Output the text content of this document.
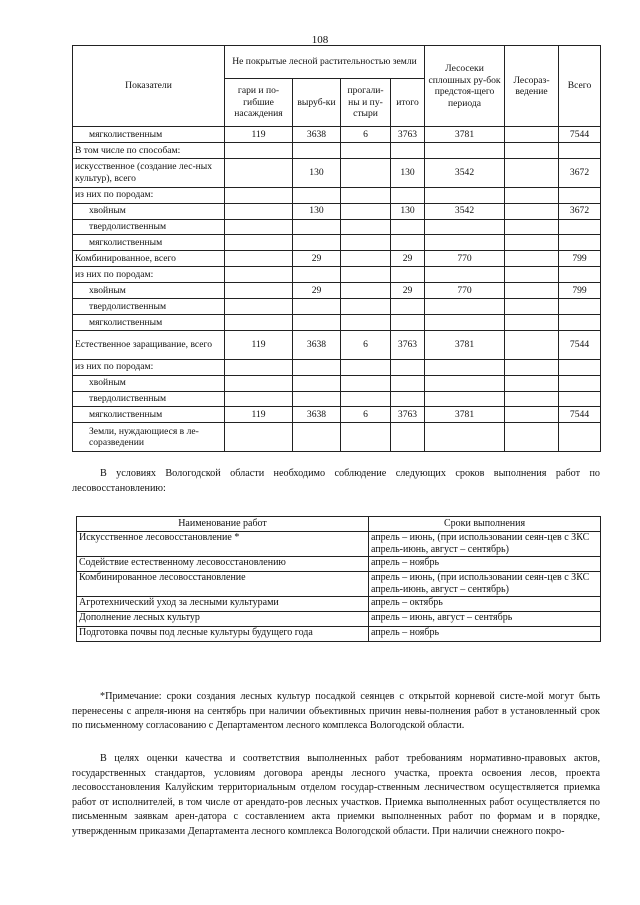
108
Показатели	Не покрытые лесной растительностью земли				Лесосеки сплошных ру-бок предстоя-щего периода	Лесораз-ведение	Всего
	гари и по-гибшие насаждения	выруб-ки	прогали-ны и пу-стыри	итого			
мягколиственным	119	3638	6	3763	3781		7544
В том числе по способам:							
искусственное (создание лес-ных культур), всего		130		130	3542		3672
из них по породам:							
хвойным		130		130	3542		3672
твердолиственным							
мягколиственным							
Комбинированное, всего		29		29	770		799
из них по породам:							
хвойным		29		29	770		799
твердолиственным							
мягколиственным							
Естественное заращивание, всего	119	3638	6	3763	3781		7544
из них по породам:							
хвойным							
твердолиственным							
мягколиственным	119	3638	6	3763	3781		7544
Земли, нуждающиеся в ле-соразведении							

В условиях Вологодской области необходимо соблюдение следующих сроков выполнения работ по лесовосстановлению:

Наименование работ	Сроки выполнения
Искусственное лесовосстановление *	апрель – июнь, (при использовании сеян-цев с ЗКС апрель-июнь, август – сентябрь)
Содействие естественному лесовосстановлению	апрель – ноябрь
Комбинированное лесовосстановление	апрель – июнь, (при использовании сеян-цев с ЗКС апрель-июнь, август – сентябрь)
Агротехнический уход за лесными культурами	апрель – октябрь
Дополнение лесных культур	апрель – июнь, август – сентябрь
Подготовка почвы под лесные культуры будущего года	апрель – ноябрь

*Примечание: сроки создания лесных культур посадкой сеянцев с открытой корневой систе-мой могут быть перенесены с апреля-июня на сентябрь при наличии объективных причин невы-полнения работ в установленный срок по письменному согласованию с Департаментом лесного комплекса Вологодской области.

В целях оценки качества и соответствия выполненных работ требованиям нормативно-правовых актов, государственных стандартов, условиям договора аренды лесного участка, проекта освоения лесов, проекта лесовосстановления Калуйским территориальным отделом государ-ственным лесничеством осуществляется приемка работ от исполнителей, в том числе от арендато-ров лесных участков. Приемка выполненных работ осуществляется по письменным заявкам арен-датора с составлением акта приемки выполненных работ по формам и в порядке, утвержденным приказами Департамента лесного комплекса Вологодской области. При наличии снежного покро-
